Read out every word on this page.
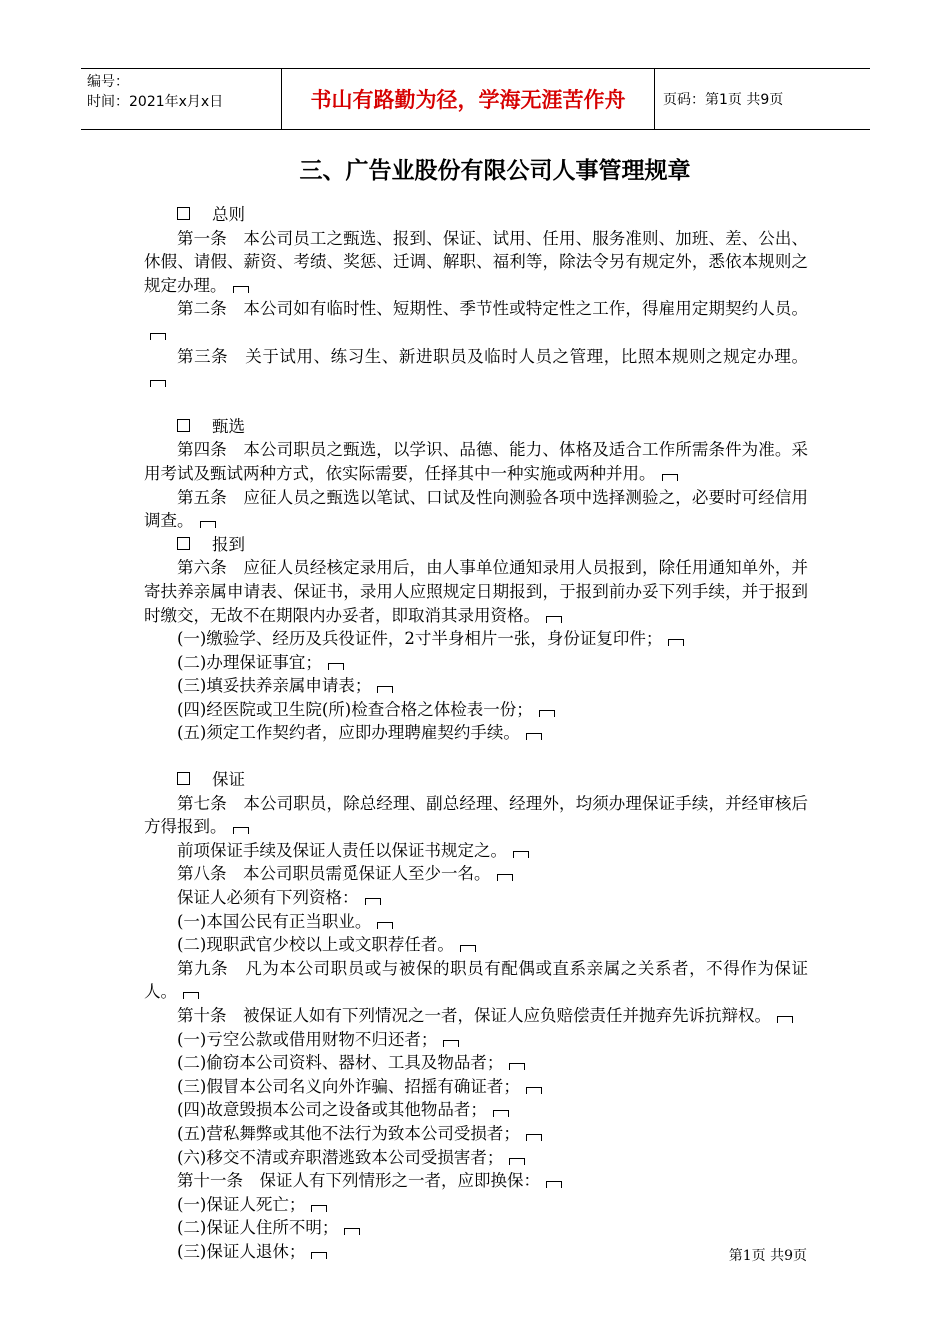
编号：
时间：2021年x月x日	书山有路勤为径，学海无涯苦作舟	页码：第1页 共9页
三、广告业股份有限公司人事管理规章
总则
第一条　本公司员工之甄选、报到、保证、试用、任用、服务准则、加班、差、公出、休假、请假、薪资、考绩、奖惩、迁调、解职、福利等，除法令另有规定外，悉依本规则之规定办理。
第二条　本公司如有临时性、短期性、季节性或特定性之工作，得雇用定期契约人员。
第三条　关于试用、练习生、新进职员及临时人员之管理，比照本规则之规定办理。
甄选
第四条　本公司职员之甄选，以学识、品德、能力、体格及适合工作所需条件为准。采用考试及甄试两种方式，依实际需要，任择其中一种实施或两种并用。
第五条　应征人员之甄选以笔试、口试及性向测验各项中选择测验之，必要时可经信用调查。
报到
第六条　应征人员经核定录用后，由人事单位通知录用人员报到，除任用通知单外，并寄扶养亲属申请表、保证书，录用人应照规定日期报到，于报到前办妥下列手续，并于报到时缴交，无故不在期限内办妥者，即取消其录用资格。
(一)缴验学、经历及兵役证件，2寸半身相片一张，身份证复印件；
(二)办理保证事宜；
(三)填妥扶养亲属申请表；
(四)经医院或卫生院(所)检查合格之体检表一份；
(五)须定工作契约者，应即办理聘雇契约手续。
保证
第七条　本公司职员，除总经理、副总经理、经理外，均须办理保证手续，并经审核后方得报到。
前项保证手续及保证人责任以保证书规定之。
第八条　本公司职员需觅保证人至少一名。
保证人必须有下列资格：
(一)本国公民有正当职业。
(二)现职武官少校以上或文职荐任者。
第九条　凡为本公司职员或与被保的职员有配偶或直系亲属之关系者，不得作为保证人。
第十条　被保证人如有下列情况之一者，保证人应负赔偿责任并抛弃先诉抗辩权。
(一)亏空公款或借用财物不归还者；
(二)偷窃本公司资料、器材、工具及物品者；
(三)假冒本公司名义向外诈骗、招摇有确证者；
(四)故意毁损本公司之设备或其他物品者；
(五)营私舞弊或其他不法行为致本公司受损者；
(六)移交不清或弃职潜逃致本公司受损害者；
第十一条　保证人有下列情形之一者，应即换保：
(一)保证人死亡；
(二)保证人住所不明；
(三)保证人退休；	第1页 共9页
